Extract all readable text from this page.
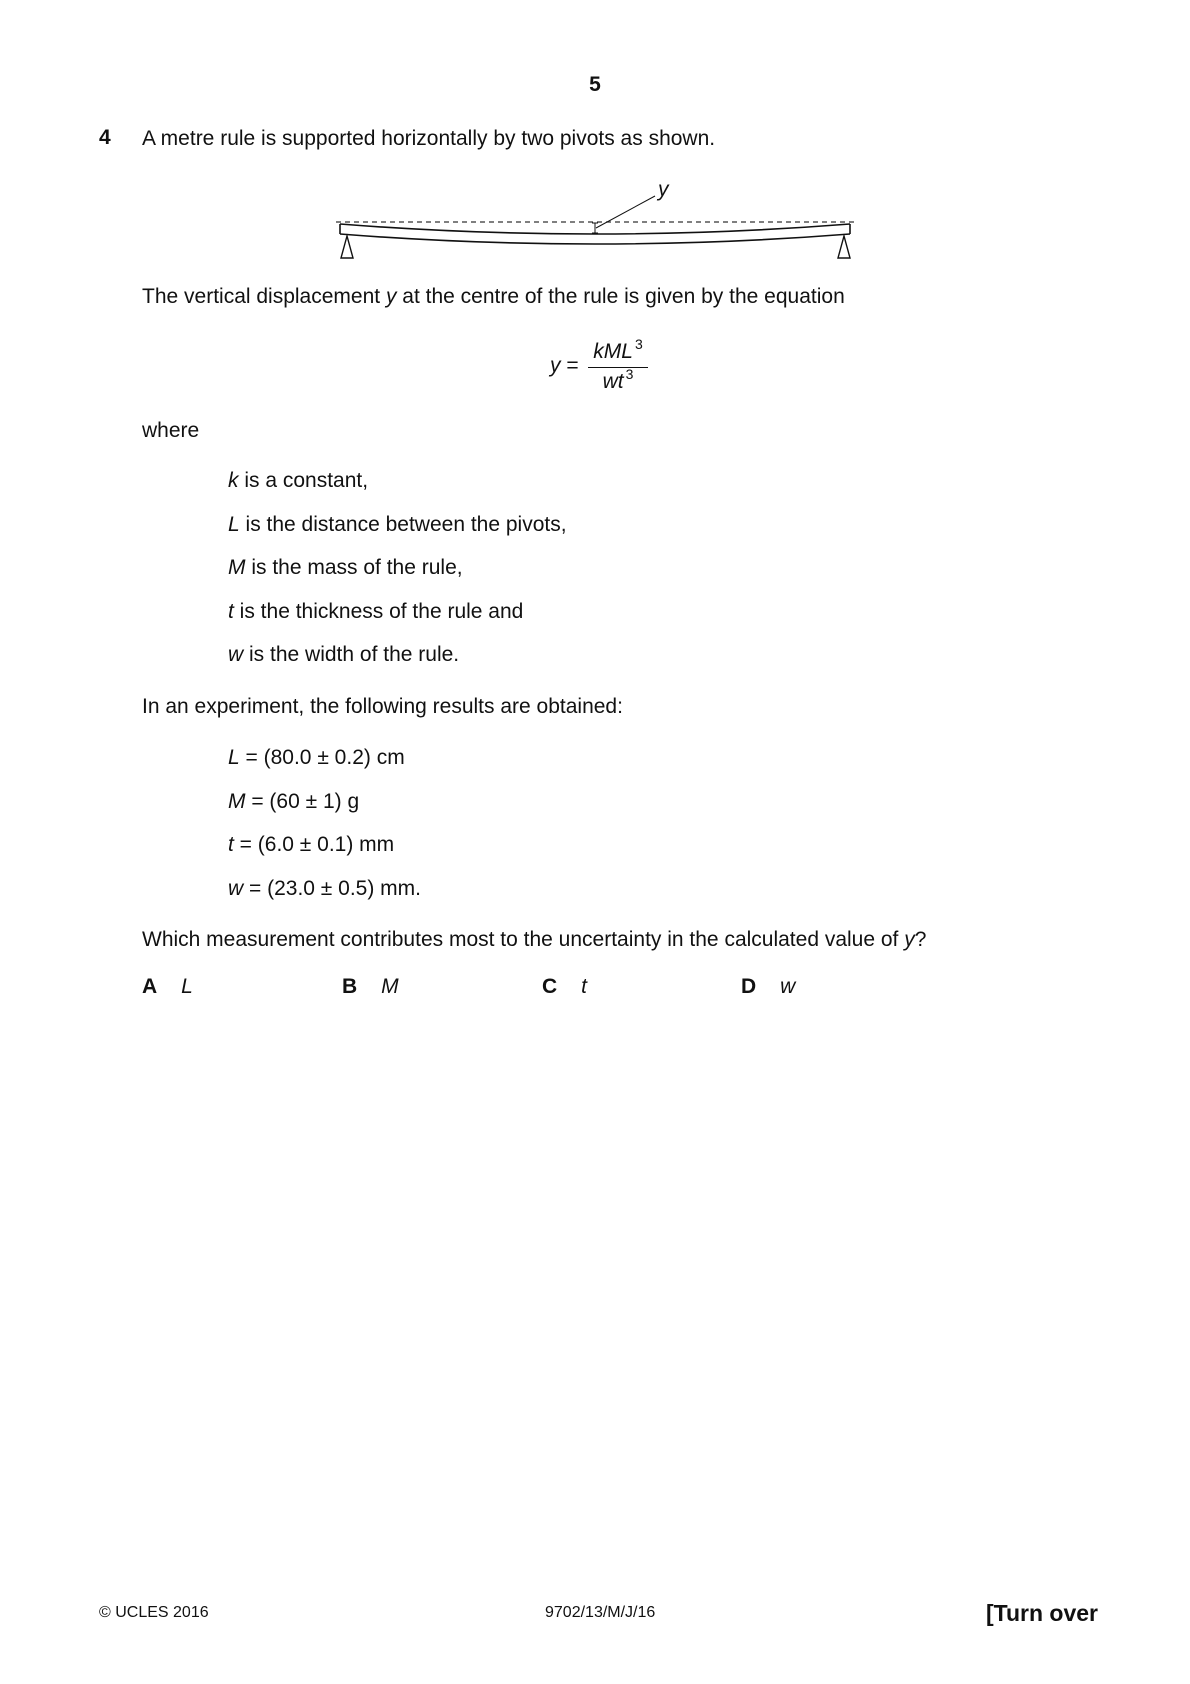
5
4 A metre rule is supported horizontally by two pivots as shown.
y
The vertical displacement y at the centre of the rule is given by the equation
y =
kML $^3$
wt $^3$
where
k is a constant,
L is the distance between the pivots,
M is the mass of the rule,
t is the thickness of the rule and
w is the width of the rule.
In an experiment, the following results are obtained:
L = (80.0 ± 0.2) cm
M = (60 ± 1) g
t = (6.0 ± 0.1) mm
w = (23.0 ± 0.5) mm.
Which measurement contributes most to the uncertainty in the calculated value of y?
A L	B M	C t	D w
© UCLES 2016	9702/13/M/J/16	[Turn over
